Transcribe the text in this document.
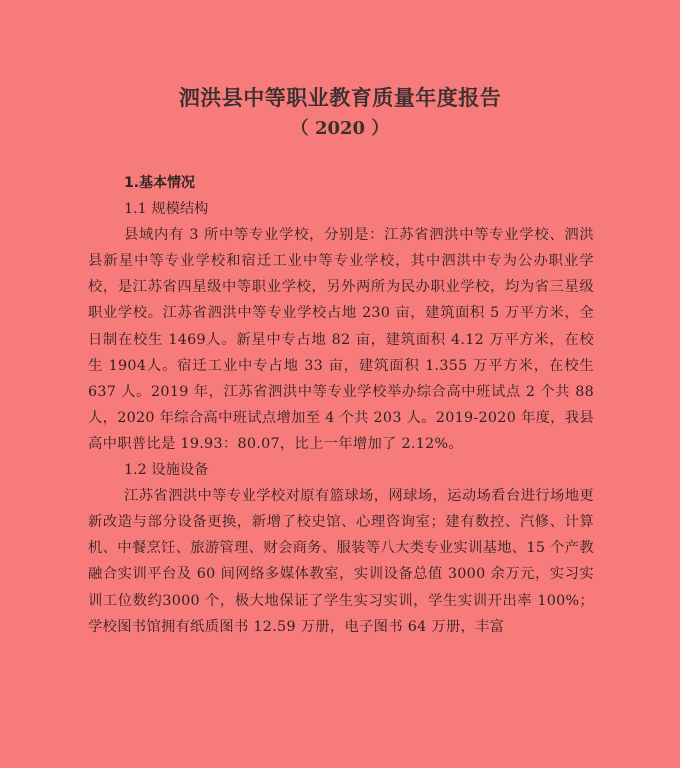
泗洪县中等职业教育质量年度报告
（ 2020 ）

1.基本情况

1.1 规模结构

县域内有 3 所中等专业学校，分别是：江苏省泗洪中等专业学校、泗洪县新星中等专业学校和宿迁工业中等专业学校，其中泗洪中专为公办职业学校，是江苏省四星级中等职业学校，另外两所为民办职业学校，均为省三星级职业学校。江苏省泗洪中等专业学校占地 230 亩，建筑面积 5 万平方米，全日制在校生 1469人。新星中专占地 82 亩，建筑面积 4.12 万平方米，在校生 1904人。宿迁工业中专占地 33 亩，建筑面积 1.355 万平方米，在校生 637 人。2019 年，江苏省泗洪中等专业学校举办综合高中班试点 2 个共 88 人，2020 年综合高中班试点增加至 4 个共 203 人。2019-2020 年度，我县高中职普比是 19.93：80.07，比上一年增加了 2.12%。

1.2 设施设备

江苏省泗洪中等专业学校对原有篮球场，网球场，运动场看台进行场地更新改造与部分设备更换，新增了校史馆、心理咨询室；建有数控、汽修、计算机、中餐烹饪、旅游管理、财会商务、服装等八大类专业实训基地、15 个产教融合实训平台及 60 间网络多媒体教室，实训设备总值 3000 余万元，实习实训工位数约3000 个，极大地保证了学生实习实训，学生实训开出率 100%；学校图书馆拥有纸质图书 12.59 万册，电子图书 64 万册，丰富
